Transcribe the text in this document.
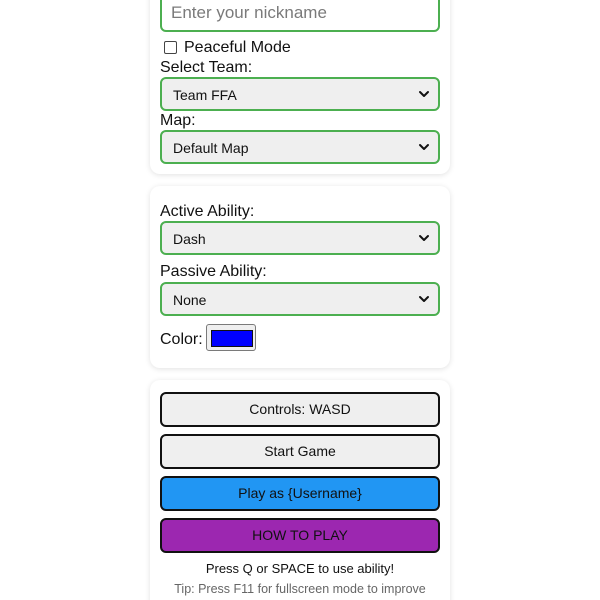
Enter your nickname
Peaceful Mode
Select Team:
Team FFA
Map:
Default Map
Active Ability:
Dash
Passive Ability:
None
Color:
Controls: WASD
Start Game
Play as {Username}
HOW TO PLAY
Press Q or SPACE to use ability!
Tip: Press F11 for fullscreen mode to improve
